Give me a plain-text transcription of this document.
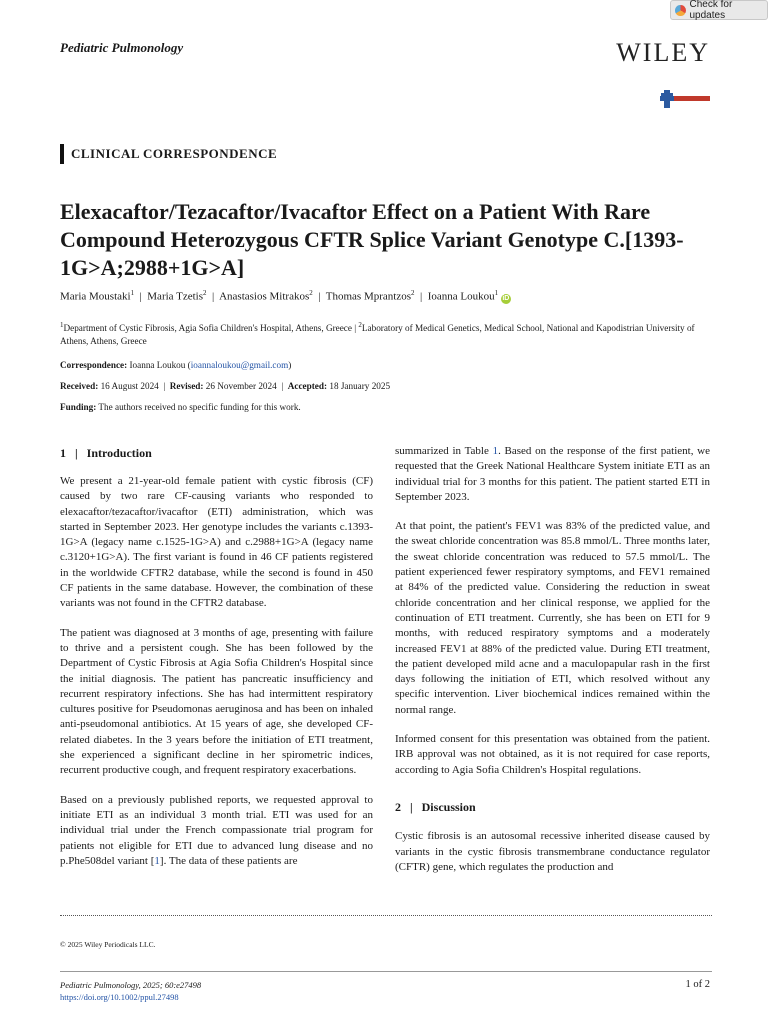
Check for updates
Pediatric Pulmonology	WILEY
CLINICAL CORRESPONDENCE
Elexacaftor/Tezacaftor/Ivacaftor Effect on a Patient With Rare Compound Heterozygous CFTR Splice Variant Genotype C.[1393-1G>A;2988+1G>A]
Maria Moustaki$^1$  |  Maria Tzetis$^2$  |  Anastasios Mitrakos$^2$  |  Thomas Mprantzos$^2$  |  Ioanna Loukou$^1$ iD
$^1$Department of Cystic Fibrosis, Agia Sofia Children's Hospital, Athens, Greece | $^2$Laboratory of Medical Genetics, Medical School, National and Kapodistrian University of Athens, Athens, Greece
Correspondence: Ioanna Loukou (ioannaloukou@gmail.com)
Received: 16 August 2024  |  Revised: 26 November 2024  |  Accepted: 18 January 2025
Funding: The authors received no specific funding for this work.
1   |   Introduction

We present a 21-year-old female patient with cystic fibrosis (CF) caused by two rare CF-causing variants who responded to elexacaftor/tezacaftor/ivacaftor (ETI) administration, which was started in September 2023. Her genotype includes the variants c.1393-1G>A (legacy name c.1525-1G>A) and c.2988+1G>A (legacy name c.3120+1G>A). The first variant is found in 46 CF patients registered in the worldwide CFTR2 database, while the second is found in 450 CF patients in the same database. However, the combination of these variants was not found in the CFTR2 database.

The patient was diagnosed at 3 months of age, presenting with failure to thrive and a persistent cough. She has been followed by the Department of Cystic Fibrosis at Agia Sofia Children's Hospital since the initial diagnosis. The patient has pancreatic insufficiency and recurrent respiratory infections. She has had intermittent respiratory cultures positive for Pseudomonas aeruginosa and has been on inhaled anti-pseudomonal antibiotics. At 15 years of age, she developed CF-related diabetes. In the 3 years before the initiation of ETI treatment, she experienced a significant decline in her spirometric indices, recurrent productive cough, and frequent respiratory exacerbations.

Based on a previously published reports, we requested approval to initiate ETI as an individual 3 month trial. ETI was used for an individual trial under the French compassionate trial program for patients not eligible for ETI due to advanced lung disease and no p.Phe508del variant [1]. The data of these patients are

summarized in Table 1. Based on the response of the first patient, we requested that the Greek National Healthcare System initiate ETI as an individual trial for 3 months for this patient. The patient started ETI in September 2023.

At that point, the patient's FEV1 was 83% of the predicted value, and the sweat chloride concentration was 85.8 mmol/L. Three months later, the sweat chloride concentration was reduced to 57.5 mmol/L. The patient experienced fewer respiratory symptoms, and FEV1 remained at 84% of the predicted value. Considering the reduction in sweat chloride concentration and her clinical response, we applied for the continuation of ETI treatment. Currently, she has been on ETI for 9 months, with reduced respiratory symptoms and a moderately increased FEV1 at 88% of the predicted value. During ETI treatment, the patient developed mild acne and a maculopapular rash in the first days following the initiation of ETI, which resolved without any specific intervention. Liver biochemical indices remained within the normal range.

Informed consent for this presentation was obtained from the patient. IRB approval was not obtained, as it is not required for case reports, according to Agia Sofia Children's Hospital regulations.

2   |   Discussion

Cystic fibrosis is an autosomal recessive inherited disease caused by variants in the cystic fibrosis transmembrane conductance regulator (CFTR) gene, which regulates the production and

© 2025 Wiley Periodicals LLC.
Pediatric Pulmonology, 2025; 60:e27498
https://doi.org/10.1002/ppul.27498
1 of 2
